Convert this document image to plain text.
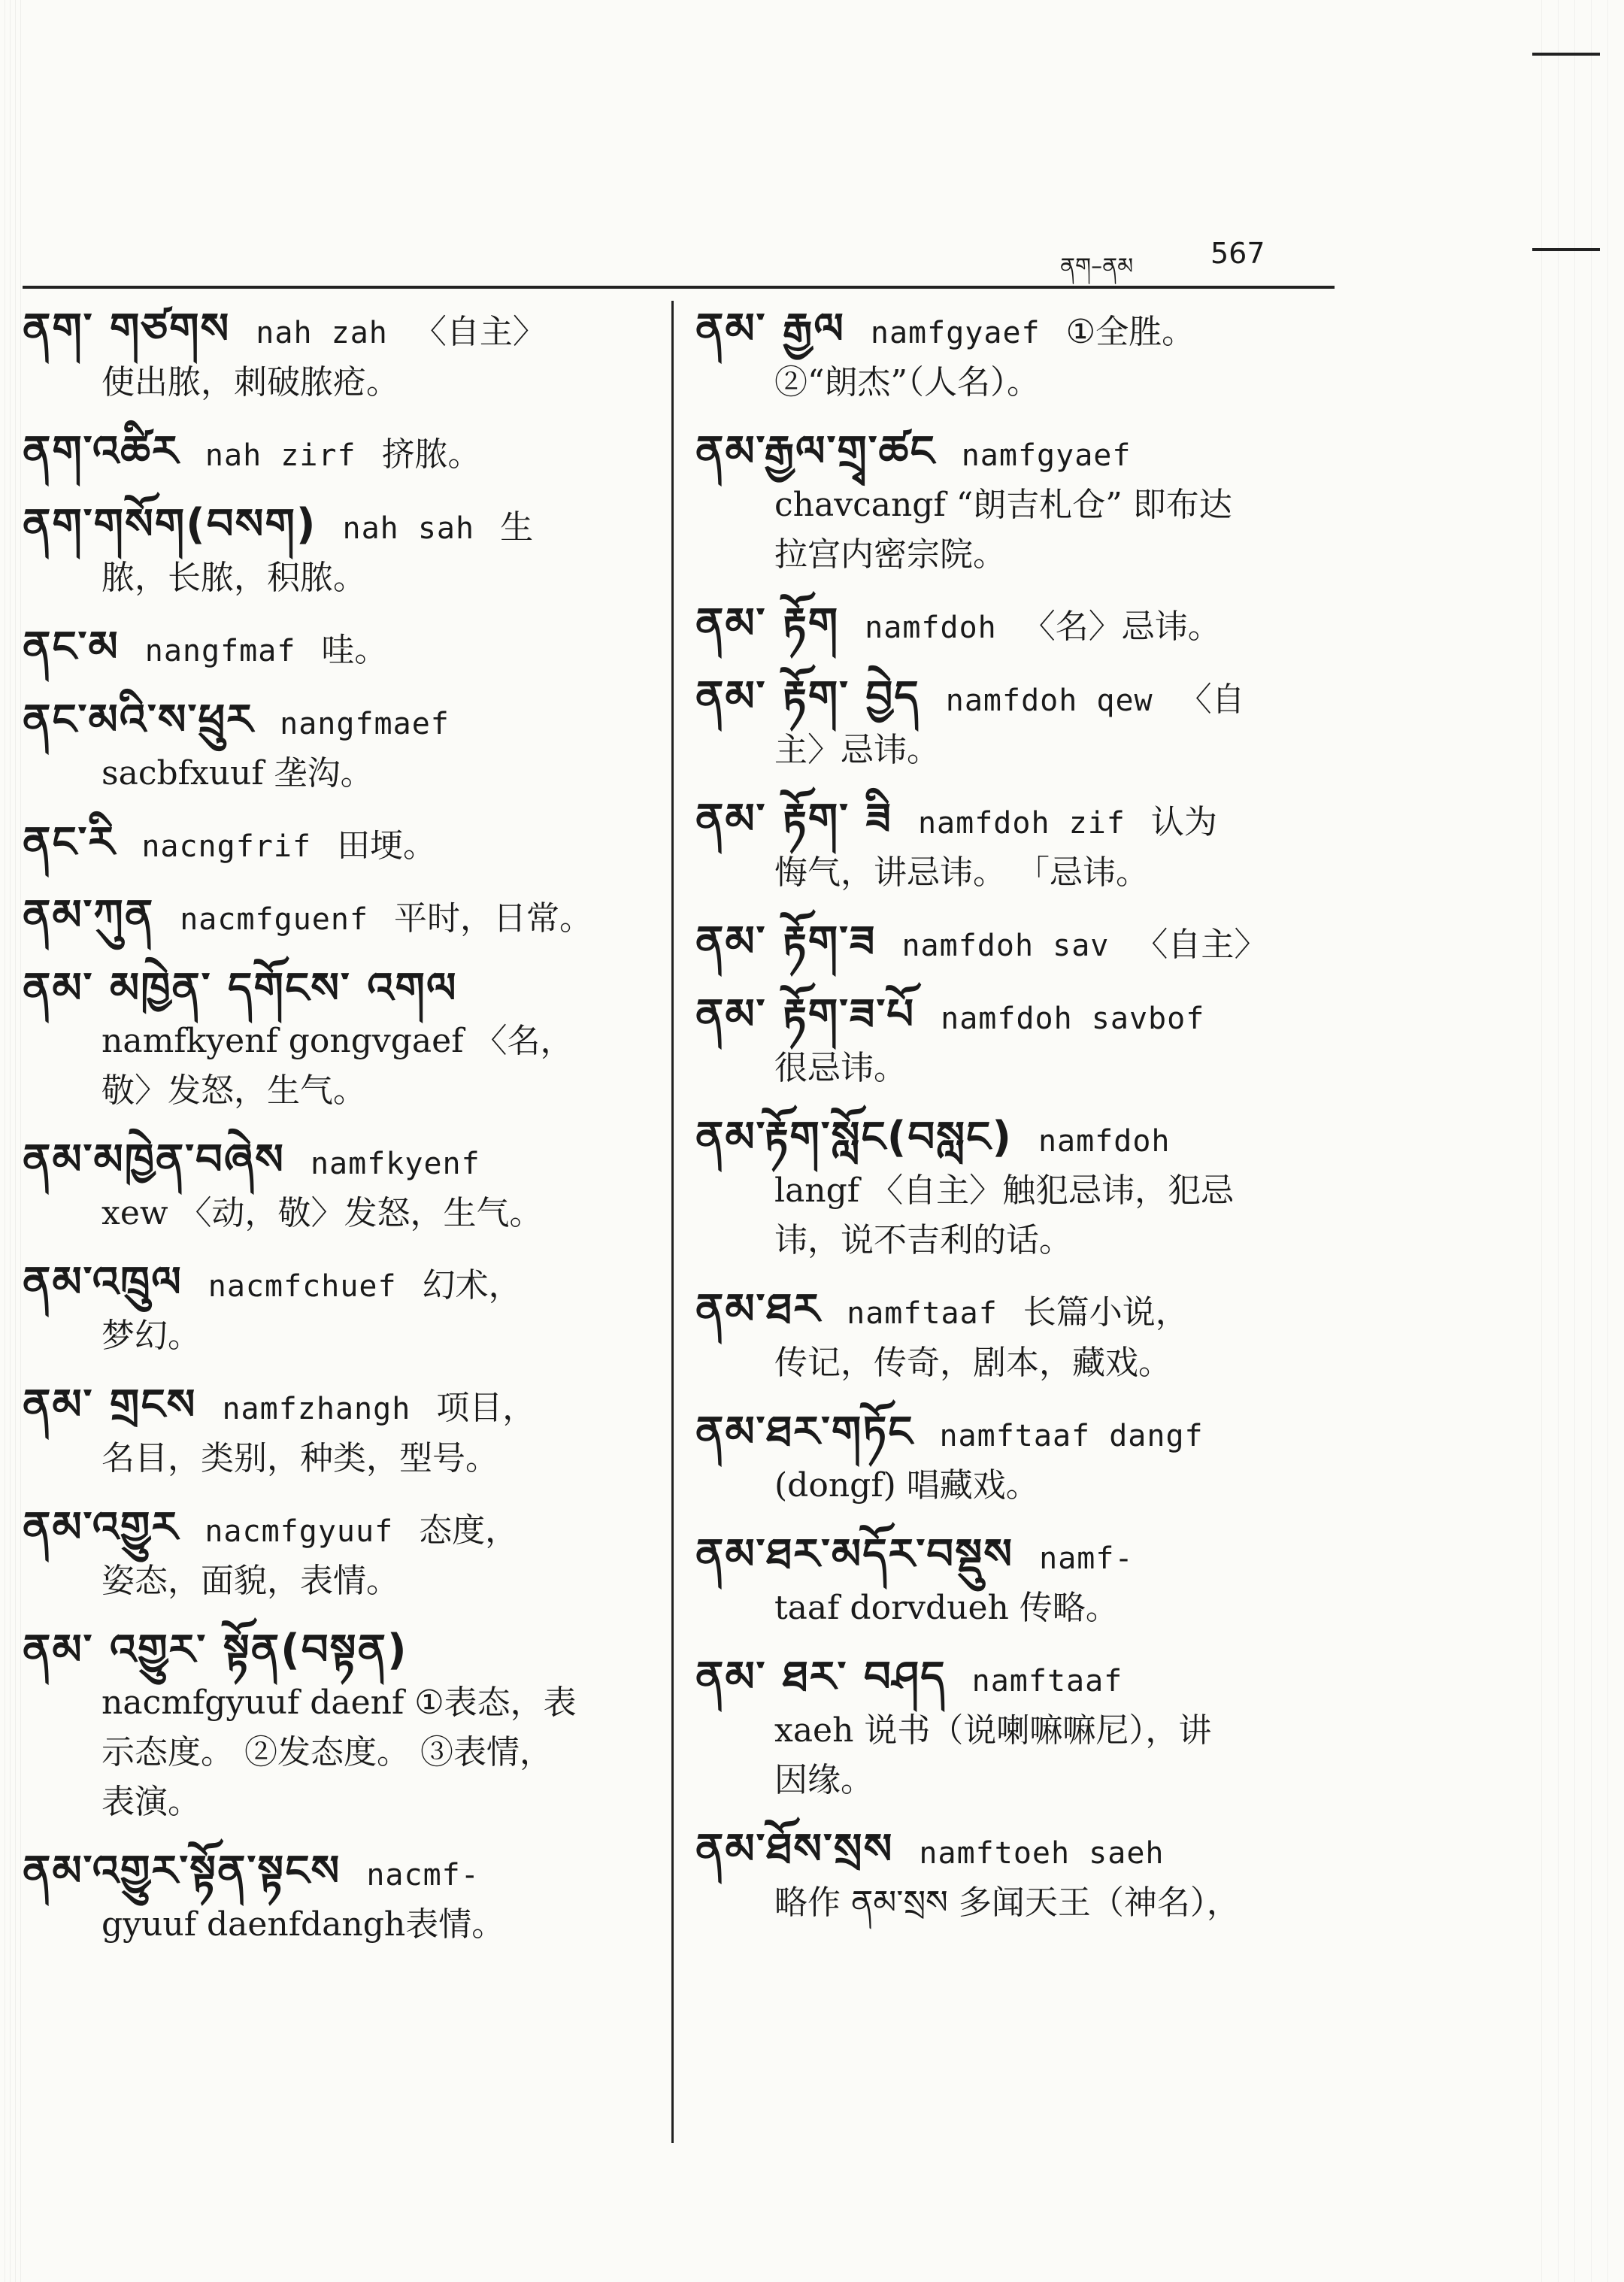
ནག–ནམ	567
ནག་ གཙགས nah zah 〈自主〉
使出脓，刺破脓疮。
ནག་འཚིར nah zirf 挤脓。
ནག་གསོག(བསག) nah sah 生
脓，长脓，积脓。
ནང་མ nangfmaf 哇。
ནང་མའི་ས་ཕྲུར nangfmaef
sacbfxuuf 垄沟。
ནང་རི nacngfrif 田埂。
ནམ་ཀུན nacmfguenf 平时，日常。
ནམ་ མཁྱེན་ དགོངས་ འགལ
namfkyenf gongvgaef 〈名，
敬〉发怒，生气。
ནམ་མཁྱེན་བཞེས namfkyenf
xew 〈动，敬〉发怒，生气。
ནམ་འཁྲུལ nacmfchuef 幻术，
梦幻。
ནམ་ གྲངས namfzhangh 项目，
名目，类别，种类，型号。
ནམ་འགྱུར nacmfgyuuf 态度，
姿态，面貌，表情。
ནམ་ འགྱུར་ སྟོན(བསྟན)
nacmfgyuuf daenf ①表态，表
示态度。 ②发态度。 ③表情，
表演。
ནམ་འགྱུར་སྟོན་སྟངས nacmf-
gyuuf daenfdangh表情。
ནམ་ རྒྱལ namfgyaef ①全胜。
②“朗杰”（人名）。
ནམ་རྒྱལ་གྲྭ་ཚང namfgyaef
chavcangf “朗吉札仓” 即布达
拉宫内密宗院。
ནམ་ རྟོག namfdoh 〈名〉忌讳。
ནམ་ རྟོག་ བྱེད namfdoh qew 〈自
主〉忌讳。
ནམ་ རྟོག་ ཟི namfdoh zif 认为
悔气，讲忌讳。 「忌讳。
ནམ་ རྟོག་ཟ namfdoh sav 〈自主〉
ནམ་ རྟོག་ཟ་པོ namfdoh savbof
很忌讳。
ནམ་རྟོག་སློང(བསླང) namfdoh
langf 〈自主〉触犯忌讳，犯忌
讳，说不吉利的话。
ནམ་ཐར namftaaf 长篇小说，
传记，传奇，剧本，藏戏。
ནམ་ཐར་གཏོང namftaaf dangf
(dongf) 唱藏戏。
ནམ་ཐར་མདོར་བསྡུས namf-
taaf dorvdueh 传略。
ནམ་ ཐར་ བཤད namftaaf
xaeh 说书（说喇嘛嘛尼），讲
因缘。
ནམ་ཐོས་སྲས namftoeh saeh
略作 ནམ་སྲས 多闻天王（神名），
